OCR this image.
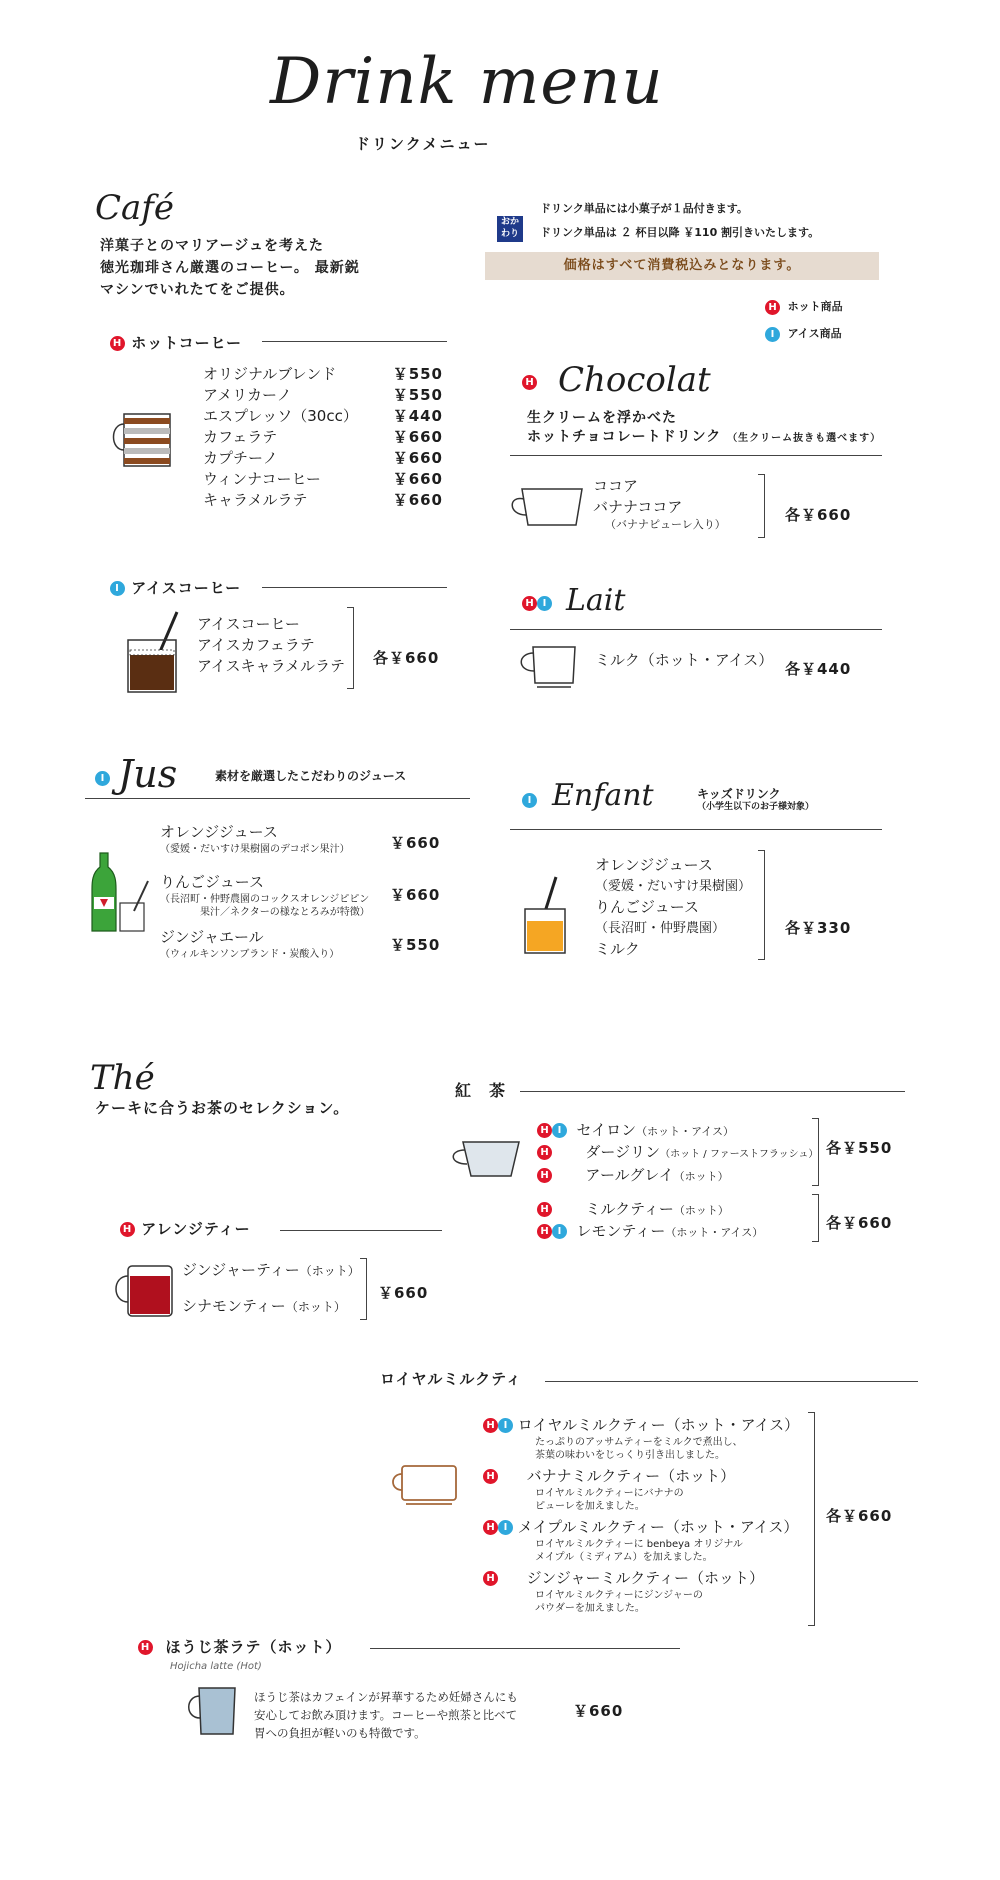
Drink menu
ドリンクメニュー
ドリンク単品には小菓子が１品付きます。
おかわり	ドリンク単品は ２ 杯目以降 ￥110 割引きいたします。
価格はすべて消費税込みとなります。
H ホット商品
I アイス商品
Café
洋菓子とのマリアージュを考えた
徳光珈琲さん厳選のコーヒー。 最新鋭
マシンでいれたてをご提供。
H ホットコーヒー
オリジナルブレンド	￥550
アメリカーノ	￥550
エスプレッソ（30cc） ￥440
カフェラテ	￥660
カプチーノ	￥660
ウィンナコーヒー	￥660
キャラメルラテ	￥660
I アイスコーヒー
アイスコーヒー
アイスカフェラテ
アイスキャラメルラテ 各￥660
H Chocolat
生クリームを浮かべた
ホットチョコレートドリンク （生クリーム抜きも選べます）
ココア
バナナココア
（バナナピューレ入り）
各￥660
H I Lait
ミルク（ホット・アイス） 各￥440
I Jus	素材を厳選したこだわりのジュース
オレンジジュース
（愛媛・だいすけ果樹園のデコポン果汁）
りんごジュース
（長沼町・仲野農園のコックスオレンジピピン
果汁／ネクターの様なとろみが特徴）
ジンジャエール
（ウィルキンソンブランド・炭酸入り）
￥660
￥660
￥550
I Enfant	キッズドリンク
（小学生以下のお子様対象）
オレンジジュース
（愛媛・だいすけ果樹園）
りんごジュース
（長沼町・仲野農園）
ミルク
各￥330
Thé
ケーキに合うお茶のセレクション。
紅　茶
H I セイロン（ホット・アイス）
H ダージリン（ホット / ファーストフラッシュ）
H アールグレイ（ホット）
各￥550
H ミルクティー（ホット）
H I レモンティー（ホット・アイス）
各￥660
H アレンジティー
ジンジャーティー（ホット）
シナモンティー（ホット）
￥660
ロイヤルミルクティ
H I ロイヤルミルクティー（ホット・アイス）
たっぷりのアッサムティーをミルクで煮出し、
茶葉の味わいをじっくり引き出しました。
H バナナミルクティー（ホット）
ロイヤルミルクティーにバナナの
ピューレを加えました。
H I メイプルミルクティー（ホット・アイス）
ロイヤルミルクティーに benbeya オリジナル
メイプル（ミディアム）を加えました。
H ジンジャーミルクティー（ホット）
ロイヤルミルクティーにジンジャーの
パウダーを加えました。
各￥660
H ほうじ茶ラテ（ホット）
Hojicha latte (Hot)
ほうじ茶はカフェインが昇華するため妊婦さんにも
安心してお飲み頂けます。コーヒーや煎茶と比べて
胃への負担が軽いのも特徴です。
￥660
